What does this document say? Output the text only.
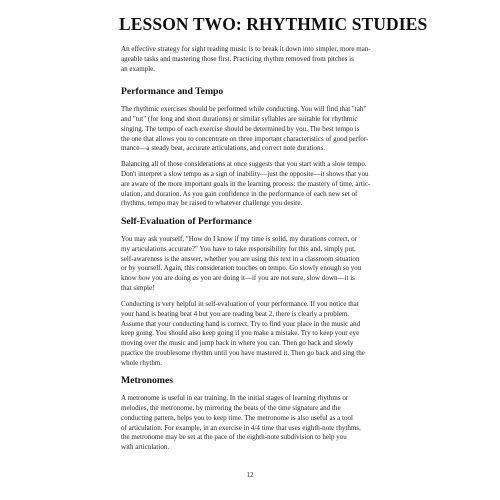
LESSON TWO: RHYTHMIC STUDIES

An effective strategy for sight reading music is to break it down into simpler, more man-
ageable tasks and mastering those first. Practicing rhythm removed from pitches is
an example.

Performance and Tempo

The rhythmic exercises should be performed while conducting. You will find that "tah"
and "tut" (for long and short durations) or similar syllables are suitable for rhythmic
singing. The tempo of each exercise should be determined by you. The best tempo is
the one that allows you to concentrate on three important characteristics of good perfor-
mance—a steady beat, accurate articulations, and correct note durations.

Balancing all of those considerations at once suggests that you start with a slow tempo.
Don't interpret a slow tempo as a sign of inability—just the opposite—it shows that you
are aware of the more important goals in the learning process: the mastery of time, artic-
ulation, and duration. As you gain confidence in the performance of each new set of
rhythms, tempo may be raised to whatever challenge you desire.

Self-Evaluation of Performance

You may ask yourself, "How do I know if my time is solid, my durations correct, or
my articulations accurate?" You have to take responsibility for this and, simply put,
self-awareness is the answer, whether you are using this text in a classroom situation
or by yourself. Again, this consideration touches on tempo. Go slowly enough so you
know how you are doing as you are doing it—if you are not sure, slow down—it is
that simple!

Conducting is very helpful in self-evaluation of your performance. If you notice that
your hand is beating beat 4 but you are reading beat 2, there is clearly a problem.
Assume that your conducting hand is correct. Try to find your place in the music and
keep going. You should also keep going if you make a mistake. Try to keep your eye
moving over the music and jump back in where you can. Then go back and slowly
practice the troublesome rhythm until you have mastered it. Then go back and sing the
whole rhythm.

Metronomes

A metronome is useful in ear training. In the initial stages of learning rhythms or
melodies, the metronome, by mirroring the beats of the time signature and the
conducting pattern, helps you to keep time. The metronome is also useful as a tool
of articulation. For example, in an exercise in 4/4 time that uses eighth-note rhythms,
the metronome may be set at the pace of the eighth-note subdivision to help you
with articulation.

12
